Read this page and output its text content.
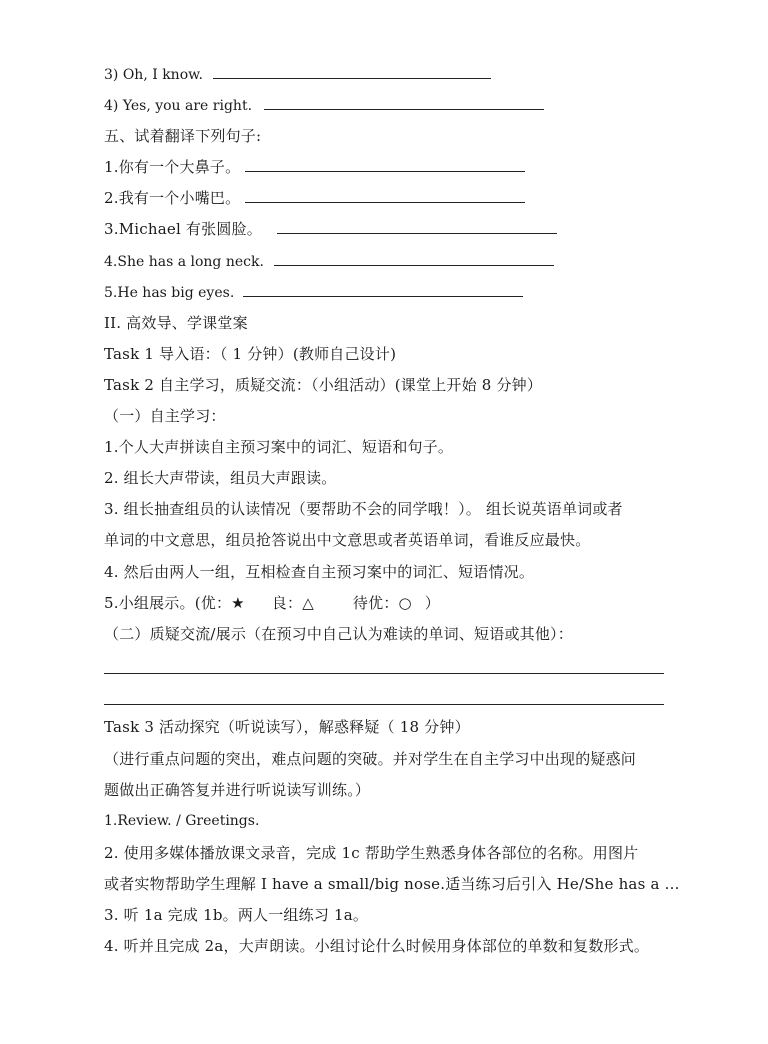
3) Oh, I know.
4) Yes, you are right.
五、试着翻译下列句子:
1.你有一个大鼻子。
2.我有一个小嘴巴。
3.Michael 有张圆脸。
4.She has a long neck.
5.He has big eyes.
II. 高效导、学课堂案
Task 1 导入语：（ 1 分钟）(教师自己设计)
Task 2 自主学习，质疑交流：（小组活动）(课堂上开始 8 分钟）
（一）自主学习：
1.个人大声拼读自主预习案中的词汇、短语和句子。
2. 组长大声带读，组员大声跟读。
3. 组长抽查组员的认读情况（要帮助不会的同学哦！）。 组长说英语单词或者
单词的中文意思，组员抢答说出中文意思或者英语单词，看谁反应最快。
4. 然后由两人一组，互相检查自主预习案中的词汇、短语情况。
5.小组展示。(优：★ 良：△	待优：○ ）
（二）质疑交流/展示（在预习中自己认为难读的单词、短语或其他）：
Task 3 活动探究（听说读写），解惑释疑（ 18 分钟）
（进行重点问题的突出，难点问题的突破。并对学生在自主学习中出现的疑惑问
题做出正确答复并进行听说读写训练。）
1.Review. / Greetings.
2. 使用多媒体播放课文录音，完成 1c 帮助学生熟悉身体各部位的名称。用图片
或者实物帮助学生理解 I have a small/big nose.适当练习后引入 He/She has a …
3. 听 1a 完成 1b。两人一组练习 1a。
4. 听并且完成 2a，大声朗读。小组讨论什么时候用身体部位的单数和复数形式。
